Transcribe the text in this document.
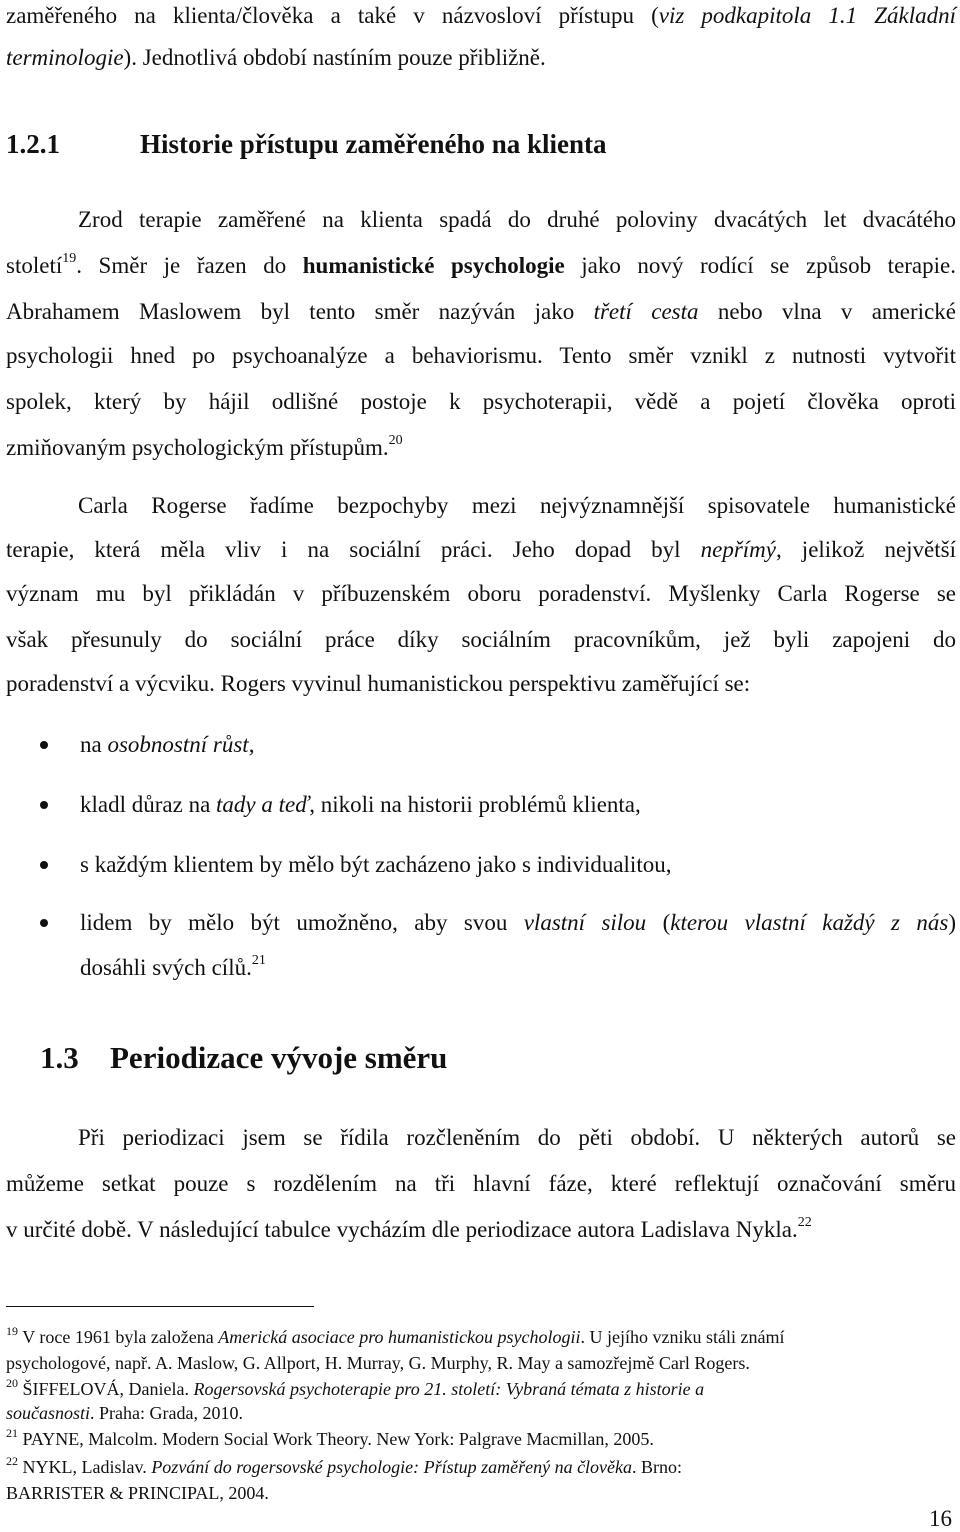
zaměřeného na klienta/člověka a také v názvosloví přístupu (viz podkapitola 1.1 Základní
terminologie). Jednotlivá období nastíním pouze přibližně.
1.2.1	Historie přístupu zaměřeného na klienta
Zrod terapie zaměřené na klienta spadá do druhé poloviny dvacátých let dvacátého
století$^{19}$. Směr je řazen do humanistické psychologie jako nový rodící se způsob terapie.
Abrahamem Maslowem byl tento směr nazýván jako třetí cesta nebo vlna v americké
psychologii hned po psychoanalýze a behaviorismu. Tento směr vznikl z nutnosti vytvořit
spolek, který by hájil odlišné postoje k psychoterapii, vědě a pojetí člověka oproti
zmiňovaným psychologickým přístupům.$^{20}$
Carla Rogerse řadíme bezpochyby mezi nejvýznamnější spisovatele humanistické
terapie, která měla vliv i na sociální práci. Jeho dopad byl nepřímý, jelikož největší
význam mu byl přikládán v příbuzenském oboru poradenství. Myšlenky Carla Rogerse se
však přesunuly do sociální práce díky sociálním pracovníkům, jež byli zapojeni do
poradenství a výcviku. Rogers vyvinul humanistickou perspektivu zaměřující se:
na osobnostní růst,
kladl důraz na tady a teď, nikoli na historii problémů klienta,
s každým klientem by mělo být zacházeno jako s individualitou,
lidem by mělo být umožněno, aby svou vlastní silou (kterou vlastní každý z nás)
dosáhli svých cílů.$^{21}$
1.3 Periodizace vývoje směru
Při periodizaci jsem se řídila rozčleněním do pěti období. U některých autorů se
můžeme setkat pouze s rozdělením na tři hlavní fáze, které reflektují označování směru
v určité době. V následující tabulce vycházím dle periodizace autora Ladislava Nykla.$^{22}$
$^{19}$ V roce 1961 byla založena Americká asociace pro humanistickou psychologii. U jejího vzniku stáli známí
psychologové, např. A. Maslow, G. Allport, H. Murray, G. Murphy, R. May a samozřejmě Carl Rogers.
$^{20}$ ŠIFFELOVÁ, Daniela. Rogersovská psychoterapie pro 21. století: Vybraná témata z historie a
současnosti. Praha: Grada, 2010.
$^{21}$ PAYNE, Malcolm. Modern Social Work Theory. New York: Palgrave Macmillan, 2005.
$^{22}$ NYKL, Ladislav. Pozvání do rogersovské psychologie: Přístup zaměřený na člověka. Brno:
BARRISTER & PRINCIPAL, 2004.
16
